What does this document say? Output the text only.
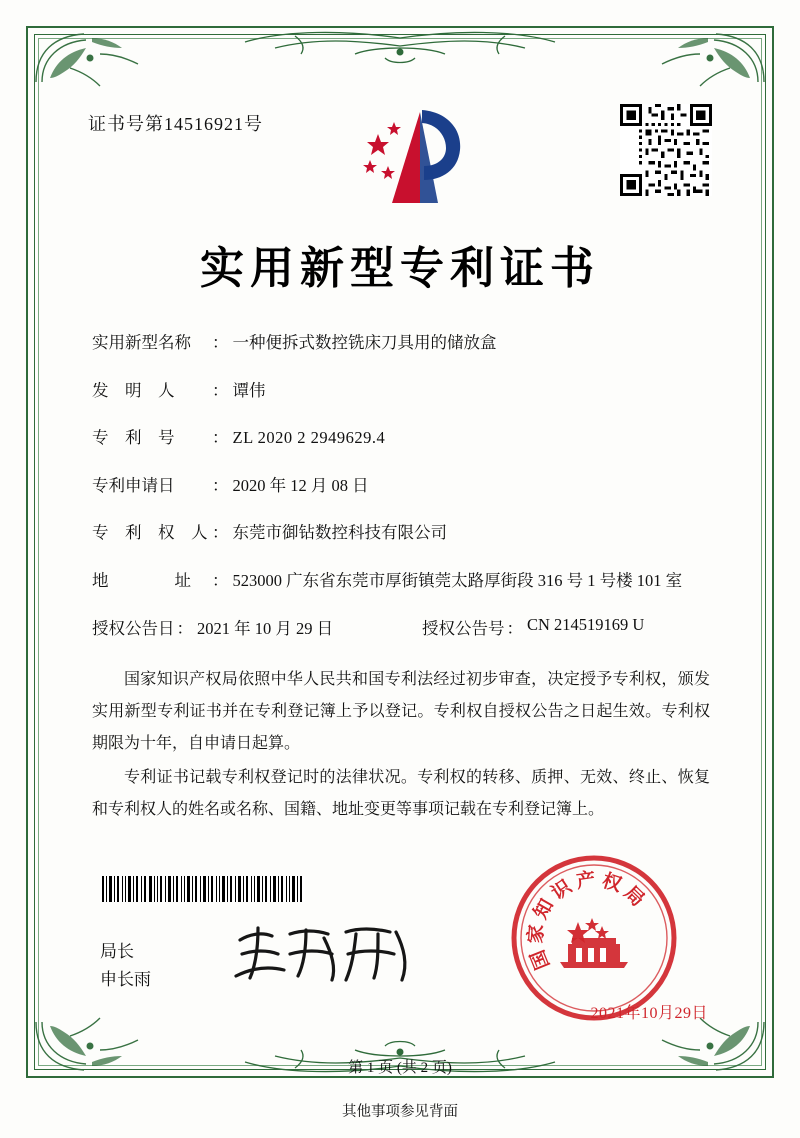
证书号第14516921号
实用新型专利证书
实用新型名称	： 一种便拆式数控铣床刀具用的储放盒
发　明　人	： 谭伟
专　利　号	： ZL 2020 2 2949629.4
专利申请日	： 2020 年 12 月 08 日
专　利　权　人 ： 东莞市御钻数控科技有限公司
地　　　　址	： 523000 广东省东莞市厚街镇莞太路厚街段 316 号 1 号楼 101 室
授权公告日 ： 2021 年 10 月 29 日	授权公告号 ： CN 214519169 U

国家知识产权局依照中华人民共和国专利法经过初步审查，决定授予专利权，颁发实用新型专利证书并在专利登记簿上予以登记。专利权自授权公告之日起生效。专利权期限为十年，自申请日起算。

专利证书记载专利权登记时的法律状况。专利权的转移、质押、无效、终止、恢复和专利权人的姓名或名称、国籍、地址变更等事项记载在专利登记簿上。

局长
申长雨
国
家
知
识 产 权
局
2021年10月29日
第 1 页 (共 2 页)
其他事项参见背面
